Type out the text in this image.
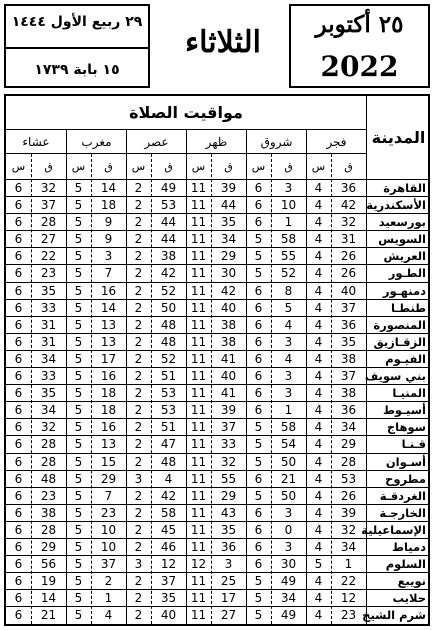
٢٩ ربيع الأول ١٤٤٤
١٥ بابة ١٧٣٩
الثلاثاء
٢٥ أكتوبر
2022
مواقيت الصلاة
المدينة
فجر
شروق
ظهر
عصر
مغرب
عشاء
س	ق
س	ق
س	ق
س	ق
س	ق
س	ق
القاهرة
4	36
6	3
11	39
2	49
5	14
6	32
الأسكندرية
4	42
6	10
11	44
2	53
5	18
6	37
بورسعيد
4	32
6	1
11	35
2	44
5	9
6	28
السويس
4	31
5	58
11	34
2	44
5	9
6	27
العريش
4	26
5	55
11	29
2	38
5	3
6	22
الطـور
4	26
5	52
11	30
2	42
5	7
6	23
دمنهـور
4	40
6	8
11	42
2	52
5	16
6	35
طنطـا
4	37
6	5
11	40
2	50
5	14
6	33
المنصورة
4	36
6	4
11	38
2	48
5	13
6	31
الزقـازيق
4	35
6	3
11	38
2	48
5	13
6	31
الفيـوم
4	38
6	4
11	41
2	52
5	17
6	34
بني سويف
4	37
6	3
11	40
2	51
5	16
6	33
المنيـا
4	38
6	3
11	41
2	53
5	18
6	35
أسيـوط
4	36
6	1
11	39
2	53
5	18
6	34
سوهاج
4	34
5	58
11	37
2	51
5	16
6	32
قـنـا
4	29
5	54
11	33
2	47
5	13
6	28
أسـوان
4	28
5	50
11	32
2	48
5	15
6	28
مطروح
4	53
6	21
11	55
3	4
5	29
6	48
الغردقـة
4	26
5	50
11	29
2	42
5	7
6	23
الخارجـة
4	39
6	3
11	43
2	58
5	23
6	38
الإسماعيلية
4	32
6	0
11	35
2	45
5	10
6	28
دمياط
4	34
6	3
11	36
2	46
5	10
6	29
السلوم
5	1
6	30
12	3
3	12
5	37
6	56
نويبع
4	22
5	49
11	25
2	37
5	2
6	19
حلايب
4	12
5	34
11	17
2	35
5	1
6	14
شرم الشيخ
4	23
5	49
11	27
2	40
5	4
6	21
